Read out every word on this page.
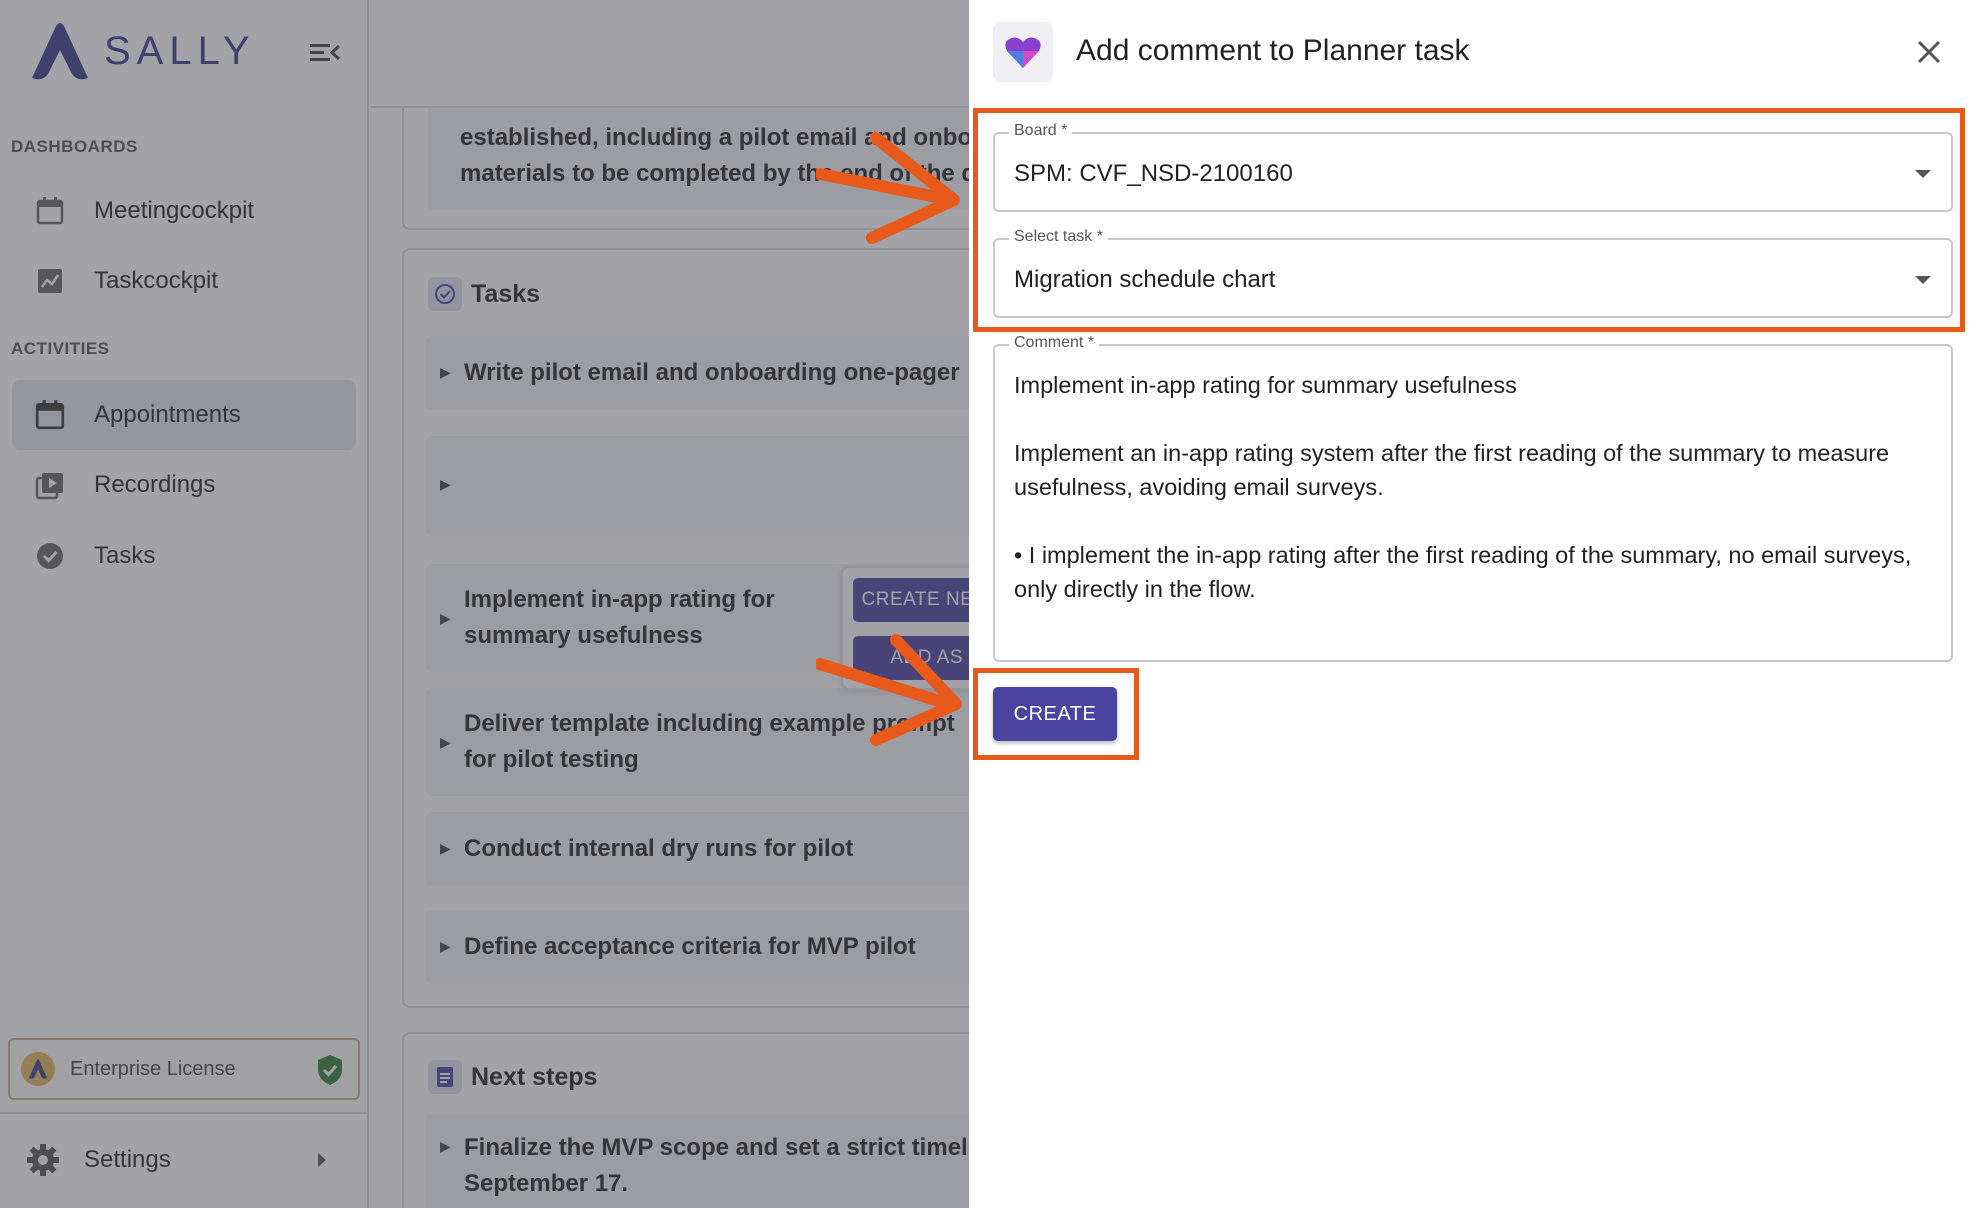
Add comment to Planner task
Board *
SPM: CVF_NSD-2100160
Select task *
Migration schedule chart
Comment *

Implement in-app rating for summary usefulness

Implement an in-app rating system after the first reading of the summary to measure usefulness, avoiding email surveys.

• I implement the in-app rating after the first reading of the summary, no email surveys, only directly in the flow.

CREATE
